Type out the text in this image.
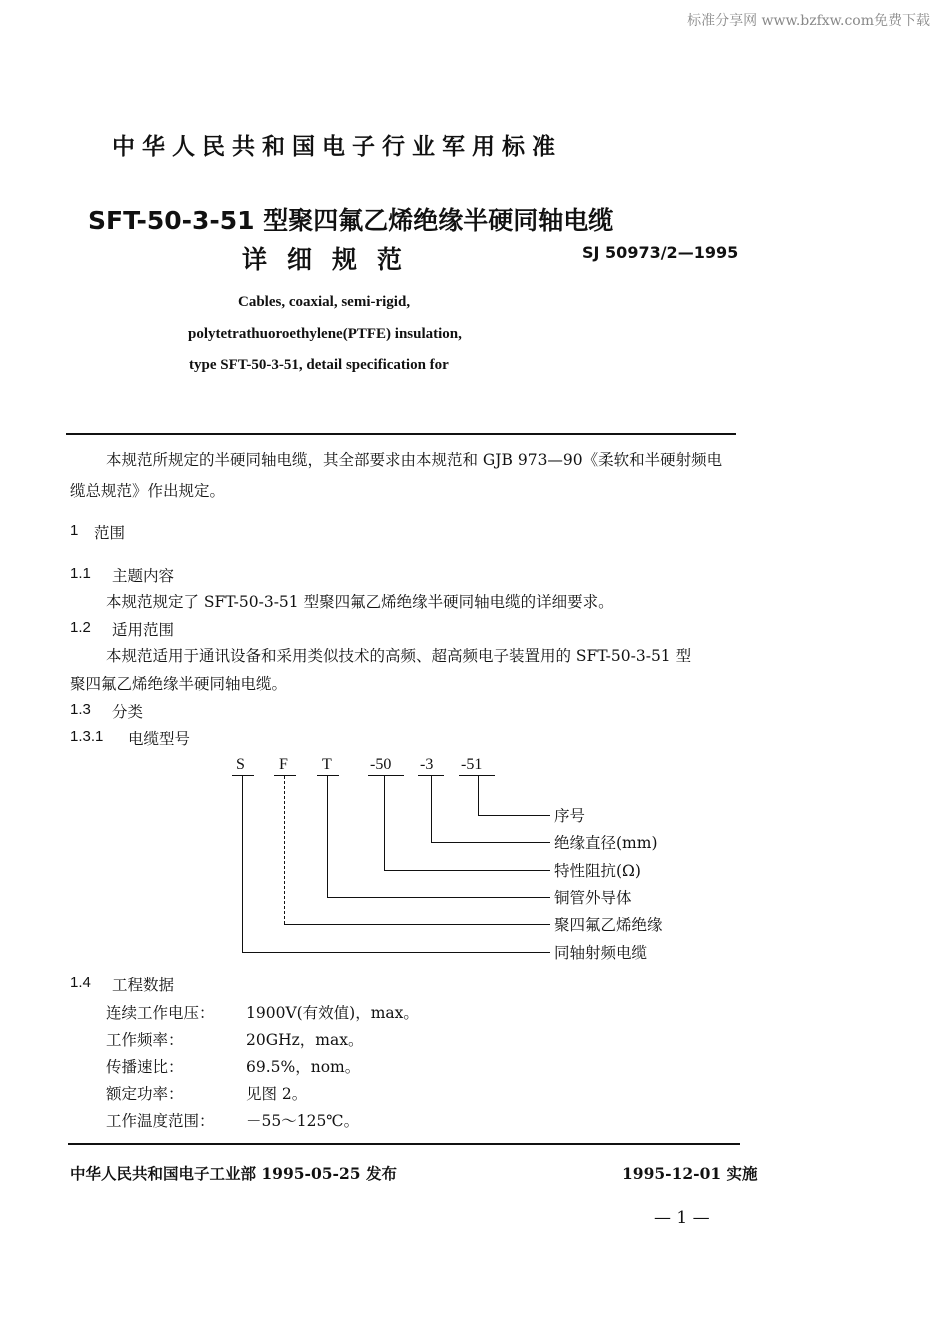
标准分享网 www.bzfxw.com免费下载
中华人民共和国电子行业军用标准
SFT-50-3-51 型聚四氟乙烯绝缘半硬同轴电缆
详细规范	SJ 50973/2—1995
Cables, coaxial, semi-rigid,
polytetrathuoroethylene(PTFE) insulation,
type SFT-50-3-51, detail specification for
本规范所规定的半硬同轴电缆，其全部要求由本规范和 GJB 973—90《柔软和半硬射频电
缆总规范》作出规定。
1 范围
1.1 主题内容
本规范规定了 SFT-50-3-51 型聚四氟乙烯绝缘半硬同轴电缆的详细要求。
1.2 适用范围
本规范适用于通讯设备和采用类似技术的高频、超高频电子装置用的 SFT-50-3-51 型
聚四氟乙烯绝缘半硬同轴电缆。
1.3 分类
1.3.1 电缆型号
S F T -50 -3 -51
序号
绝缘直径(mm)
特性阻抗(Ω)
铜管外导体
聚四氟乙烯绝缘
同轴射频电缆
1.4 工程数据
连续工作电压： 1900V(有效值)，max。
工作频率：	20GHz，max。
传播速比：	69.5%，nom。
额定功率：	见图 2。
工作温度范围： －55～125℃。
中华人民共和国电子工业部 1995-05-25 发布	1995-12-01 实施
— 1 —
